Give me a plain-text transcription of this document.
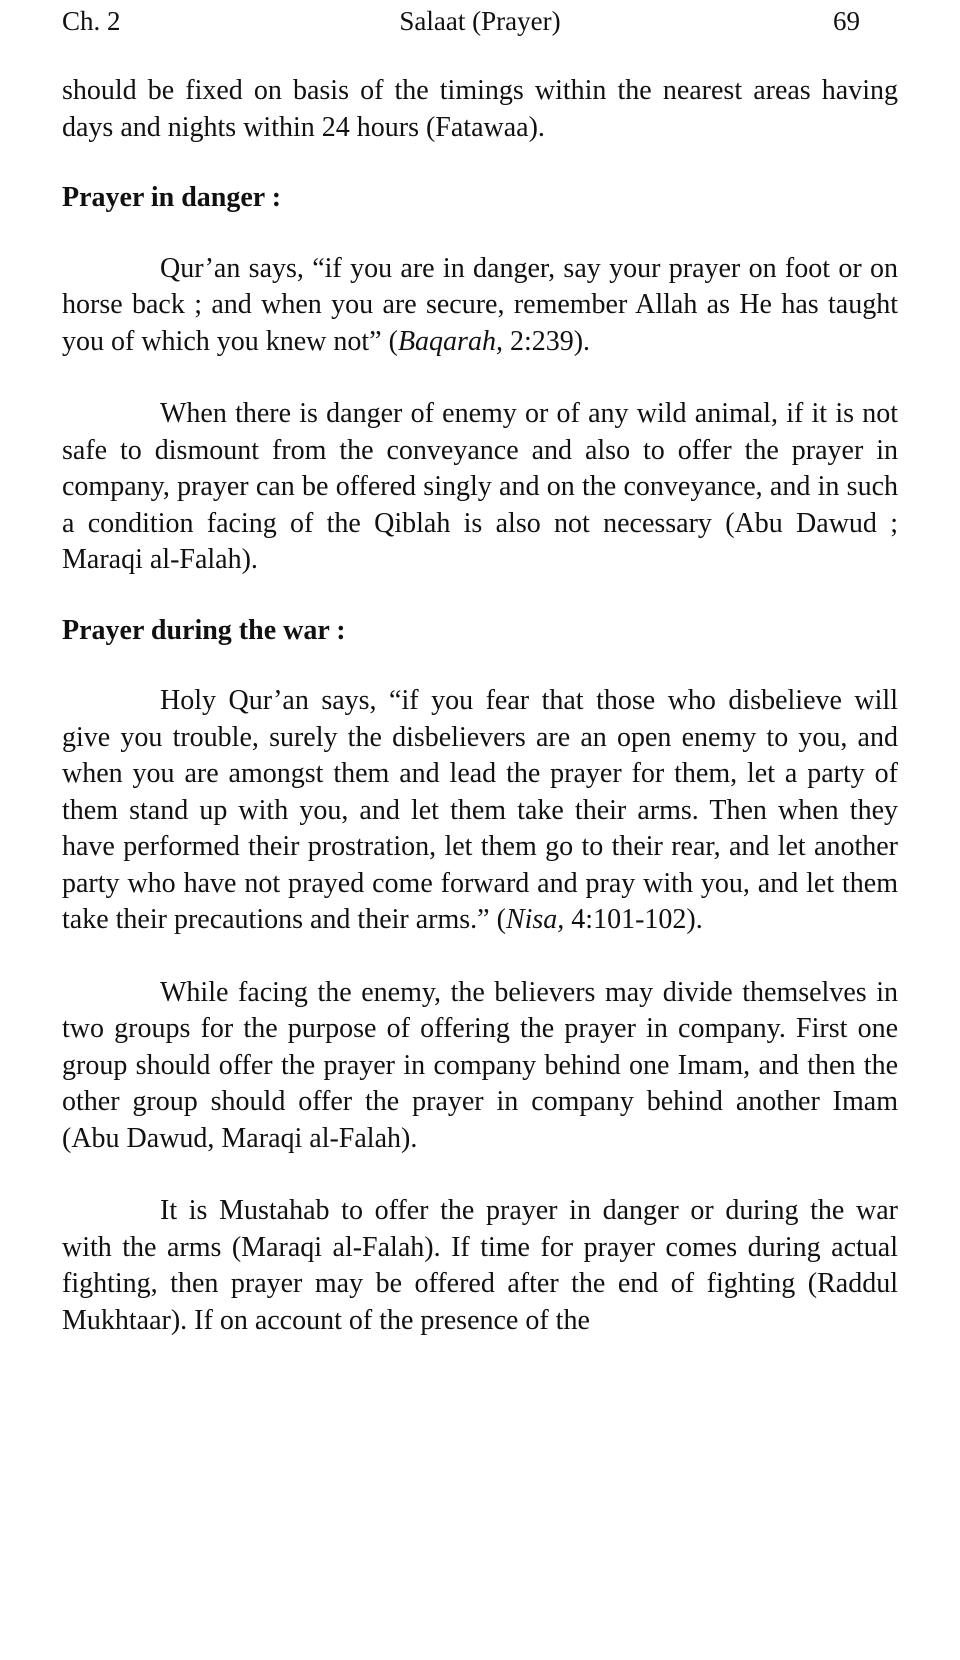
Ch. 2	Salaat (Prayer)	69

should be fixed on basis of the timings within the nearest areas having days and nights within 24 hours (Fatawaa).

Prayer in danger :

Qur’an says, “if you are in danger, say your prayer on foot or on horse back ; and when you are secure, remember Allah as He has taught you of which you knew not” (Baqarah, 2:239).

When there is danger of enemy or of any wild animal, if it is not safe to dismount from the conveyance and also to offer the prayer in company, prayer can be offered singly and on the conveyance, and in such a condition facing of the Qiblah is also not necessary (Abu Dawud ; Maraqi al-Falah).

Prayer during the war :

Holy Qur’an says, “if you fear that those who disbelieve will give you trouble, surely the disbelievers are an open enemy to you, and when you are amongst them and lead the prayer for them, let a party of them stand up with you, and let them take their arms. Then when they have performed their prostration, let them go to their rear, and let another party who have not prayed come forward and pray with you, and let them take their precautions and their arms.” (Nisa, 4:101-102).

While facing the enemy, the believers may divide themselves in two groups for the purpose of offering the prayer in company. First one group should offer the prayer in company behind one Imam, and then the other group should offer the prayer in company behind another Imam (Abu Dawud, Maraqi al-Falah).

It is Mustahab to offer the prayer in danger or during the war with the arms (Maraqi al-Falah). If time for prayer comes during actual fighting, then prayer may be offered after the end of fighting (Raddul Mukhtaar). If on account of the presence of the
